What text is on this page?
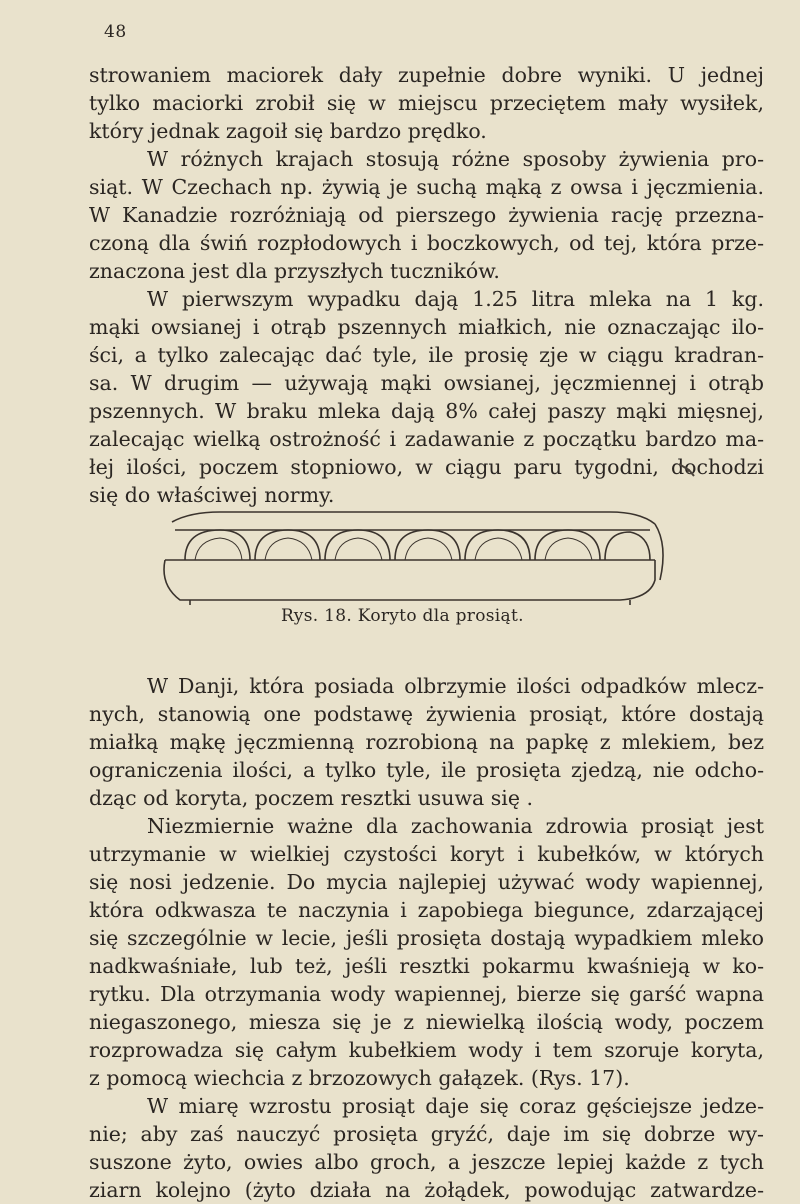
48
strowaniem maciorek dały zupełnie dobre wyniki. U jednej
tylko maciorki zrobił się w miejscu przeciętem mały wysiłek,
który jednak zagoił się bardzo prędko.
W różnych krajach stosują różne sposoby żywienia pro-
siąt. W Czechach np. żywią je suchą mąką z owsa i jęczmienia.
W Kanadzie rozróżniają od pierszego żywienia rację przezna-
czoną dla świń rozpłodowych i boczkowych, od tej, która prze-
znaczona jest dla przyszłych tuczników.
W pierwszym wypadku dają 1.25 litra mleka na 1 kg.
mąki owsianej i otrąb pszennych miałkich, nie oznaczając ilo-
ści, a tylko zalecając dać tyle, ile prosię zje w ciągu kradran-
sa. W drugim — używają mąki owsianej, jęczmiennej i otrąb
pszennych. W braku mleka dają 8% całej paszy mąki mięsnej,
zalecając wielką ostrożność i zadawanie z początku bardzo ma-
łej ilości, poczem stopniowo, w ciągu paru tygodni, dochodzi
się do właściwej normy.
Rys. 18. Koryto dla prosiąt.
W Danji, która posiada olbrzymie ilości odpadków mlecz-
nych, stanowią one podstawę żywienia prosiąt, które dostają
miałką mąkę jęczmienną rozrobioną na papkę z mlekiem, bez
ograniczenia ilości, a tylko tyle, ile prosięta zjedzą, nie odcho-
dząc od koryta, poczem resztki usuwa się .
Niezmiernie ważne dla zachowania zdrowia prosiąt jest
utrzymanie w wielkiej czystości koryt i kubełków, w których
się nosi jedzenie. Do mycia najlepiej używać wody wapiennej,
która odkwasza te naczynia i zapobiega biegunce, zdarzającej
się szczególnie w lecie, jeśli prosięta dostają wypadkiem mleko
nadkwaśniałe, lub też, jeśli resztki pokarmu kwaśnieją w ko-
rytku. Dla otrzymania wody wapiennej, bierze się garść wapna
niegaszonego, miesza się je z niewielką ilością wody, poczem
rozprowadza się całym kubełkiem wody i tem szoruje koryta,
z pomocą wiechcia z brzozowych gałązek. (Rys. 17).
W miarę wzrostu prosiąt daje się coraz gęściejsze jedze-
nie; aby zaś nauczyć prosięta gryźć, daje im się dobrze wy-
suszone żyto, owies albo groch, a jeszcze lepiej każde z tych
ziarn kolejno (żyto działa na żołądek, powodując zatwardze-
